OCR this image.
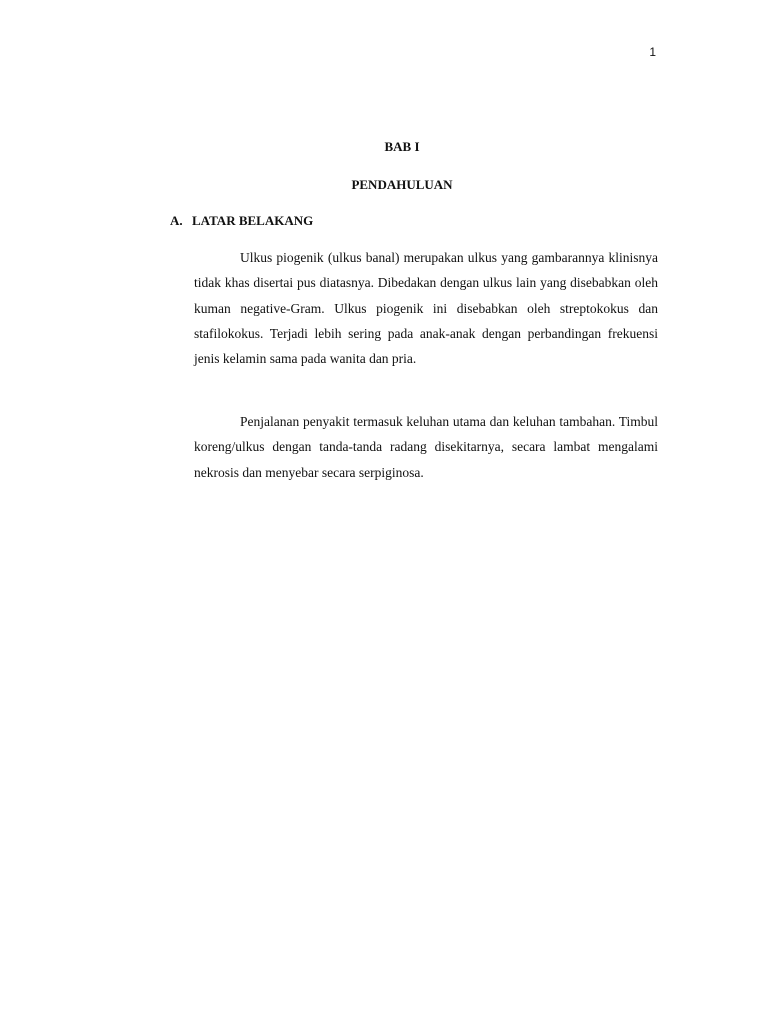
1
BAB I
PENDAHULUAN
A. LATAR BELAKANG

Ulkus piogenik (ulkus banal) merupakan ulkus yang gambarannya klinisnya tidak khas disertai pus diatasnya. Dibedakan dengan ulkus lain yang disebabkan oleh kuman negative-Gram. Ulkus piogenik ini disebabkan oleh streptokokus dan stafilokokus. Terjadi lebih sering pada anak-anak dengan perbandingan frekuensi jenis kelamin sama pada wanita dan pria.

Penjalanan penyakit termasuk keluhan utama dan keluhan tambahan. Timbul koreng/ulkus dengan tanda-tanda radang disekitarnya, secara lambat mengalami nekrosis dan menyebar secara serpiginosa.
